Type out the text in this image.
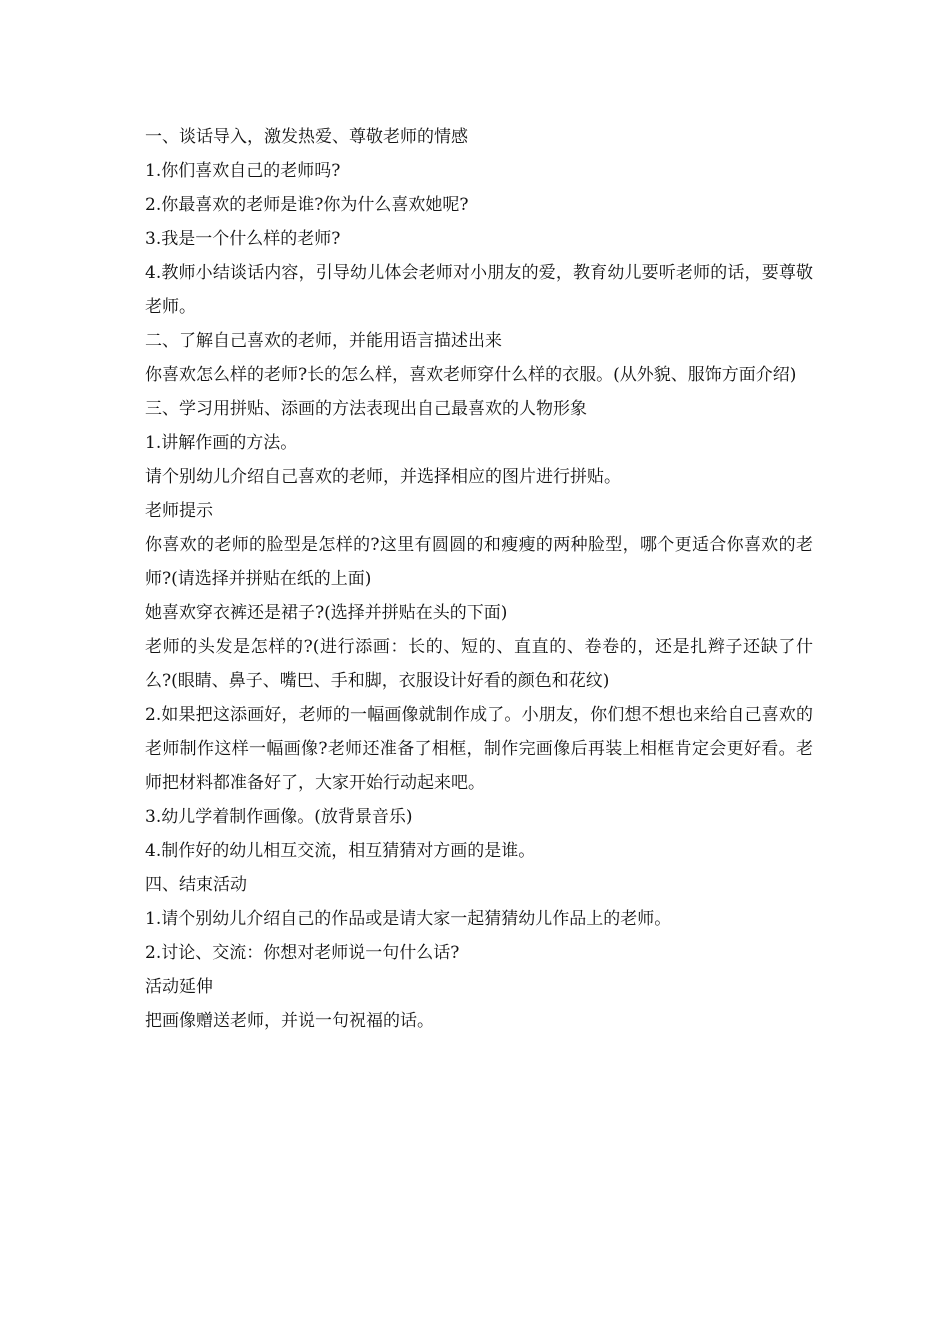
一、谈话导入，激发热爱、尊敬老师的情感

1.你们喜欢自己的老师吗?

2.你最喜欢的老师是谁?你为什么喜欢她呢?

3.我是一个什么样的老师?

4.教师小结谈话内容，引导幼儿体会老师对小朋友的爱，教育幼儿要听老师的话，要尊敬老师。

二、了解自己喜欢的老师，并能用语言描述出来

你喜欢怎么样的老师?长的怎么样，喜欢老师穿什么样的衣服。(从外貌、服饰方面介绍)

三、学习用拼贴、添画的方法表现出自己最喜欢的人物形象

1.讲解作画的方法。

请个别幼儿介绍自己喜欢的老师，并选择相应的图片进行拼贴。

老师提示

你喜欢的老师的脸型是怎样的?这里有圆圆的和瘦瘦的两种脸型，哪个更适合你喜欢的老师?(请选择并拼贴在纸的上面)

她喜欢穿衣裤还是裙子?(选择并拼贴在头的下面)

老师的头发是怎样的?(进行添画：长的、短的、直直的、卷卷的，还是扎辫子还缺了什么?(眼睛、鼻子、嘴巴、手和脚，衣服设计好看的颜色和花纹)

2.如果把这添画好，老师的一幅画像就制作成了。小朋友，你们想不想也来给自己喜欢的老师制作这样一幅画像?老师还准备了相框，制作完画像后再装上相框肯定会更好看。老师把材料都准备好了，大家开始行动起来吧。

3.幼儿学着制作画像。(放背景音乐)

4.制作好的幼儿相互交流，相互猜猜对方画的是谁。

四、结束活动

1.请个别幼儿介绍自己的作品或是请大家一起猜猜幼儿作品上的老师。

2.讨论、交流：你想对老师说一句什么话?

活动延伸

把画像赠送老师，并说一句祝福的话。
